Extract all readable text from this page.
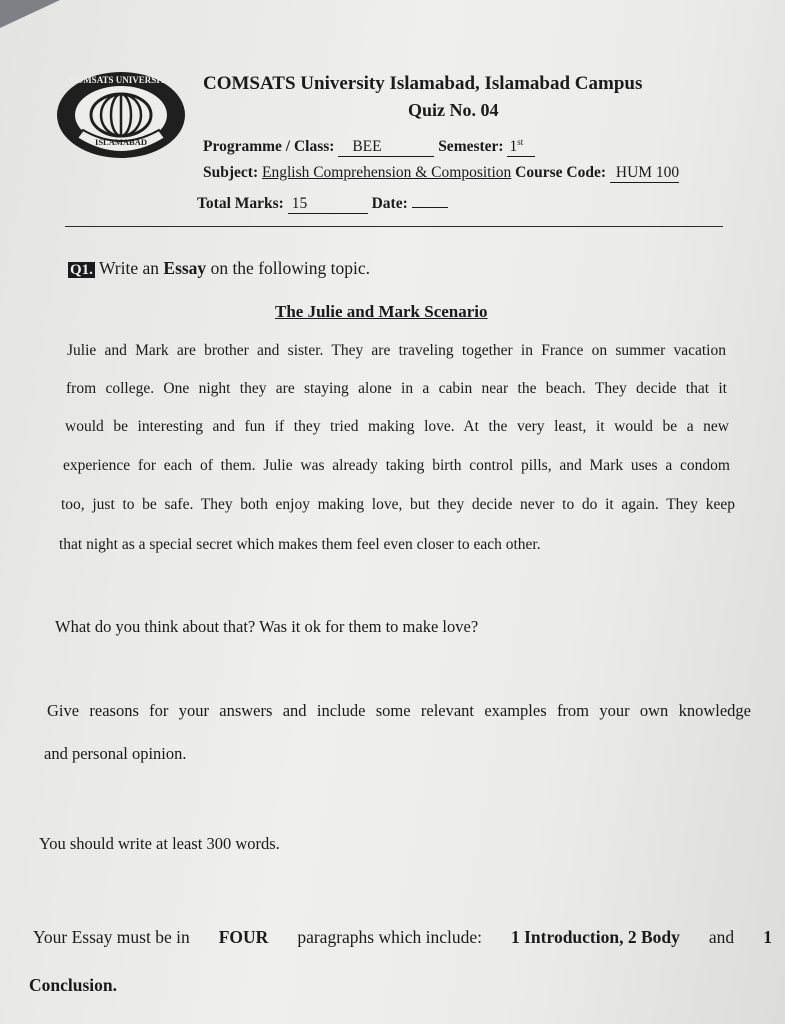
COMSATS UNIVERSITY
ISLAMABAD
COMSATS University Islamabad, Islamabad Campus
Quiz No. 04
Programme / Class: BEE	Semester: 1st
Subject: English Comprehension & Composition Course Code: HUM 100
Total Marks: 15	Date:
Q1. Write an Essay on the following topic.
The Julie and Mark Scenario
Julie and Mark are brother and sister. They are traveling together in France on summer vacation
from college. One night they are staying alone in a cabin near the beach. They decide that it
would be interesting and fun if they tried making love. At the very least, it would be a new
experience for each of them. Julie was already taking birth control pills, and Mark uses a condom
too, just to be safe. They both enjoy making love, but they decide never to do it again. They keep
that night as a special secret which makes them feel even closer to each other.
What do you think about that? Was it ok for them to make love?
Give reasons for your answers and include some relevant examples from your own knowledge
and personal opinion.
You should write at least 300 words.
Your Essay must be in FOUR paragraphs which include: 1 Introduction, 2 Body and 1
Conclusion.
